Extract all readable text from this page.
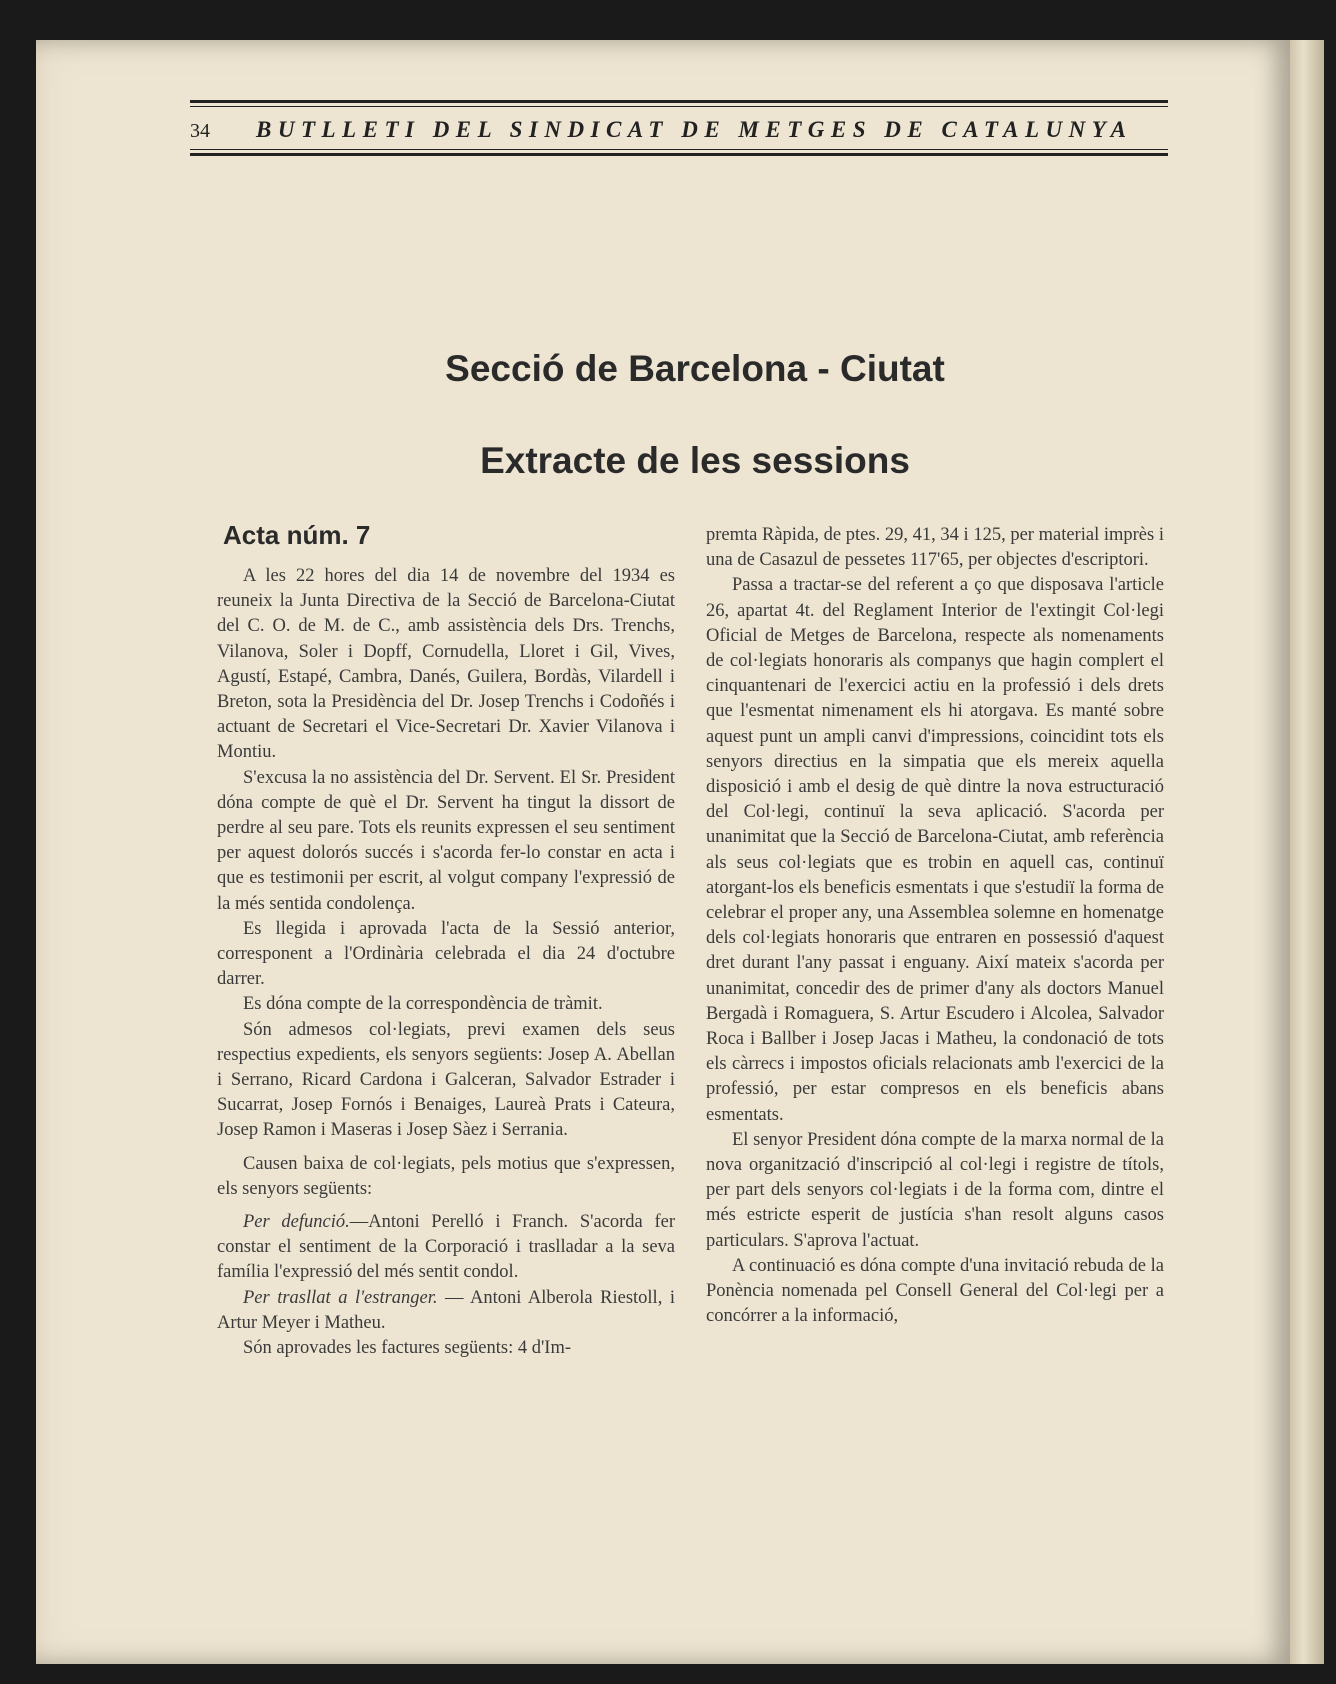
34	BUTLLETI DEL SINDICAT DE METGES DE CATALUNYA
Secció de Barcelona - Ciutat
Extracte de les sessions
Acta núm. 7

A les 22 hores del dia 14 de novembre del 1934 es reuneix la Junta Directiva de la Secció de Barcelona-Ciutat del C. O. de M. de C., amb assistència dels Drs. Trenchs, Vilanova, Soler i Dopff, Cornudella, Lloret i Gil, Vives, Agustí, Estapé, Cambra, Danés, Guilera, Bordàs, Vilardell i Breton, sota la Presidència del Dr. Josep Trenchs i Codoñés i actuant de Secretari el Vice-Secretari Dr. Xavier Vilanova i Montiu.

S'excusa la no assistència del Dr. Servent. El Sr. President dóna compte de què el Dr. Servent ha tingut la dissort de perdre al seu pare. Tots els reunits expressen el seu sentiment per aquest dolorós succés i s'acorda fer-lo constar en acta i que es testimonii per escrit, al volgut company l'expressió de la més sentida condolença.

Es llegida i aprovada l'acta de la Sessió anterior, corresponent a l'Ordinària celebrada el dia 24 d'octubre darrer.

Es dóna compte de la correspondència de tràmit.

Són admesos col·legiats, previ examen dels seus respectius expedients, els senyors següents: Josep A. Abellan i Serrano, Ricard Cardona i Galceran, Salvador Estrader i Sucarrat, Josep Fornós i Benaiges, Laureà Prats i Cateura, Josep Ramon i Maseras i Josep Sàez i Serrania.

Causen baixa de col·legiats, pels motius que s'expressen, els senyors següents:

Per defunció.—Antoni Perelló i Franch. S'acorda fer constar el sentiment de la Corporació i traslladar a la seva família l'expressió del més sentit condol.

Per trasllat a l'estranger. — Antoni Alberola Riestoll, i Artur Meyer i Matheu.

Són aprovades les factures següents: 4 d'Im-

premta Ràpida, de ptes. 29, 41, 34 i 125, per material imprès i una de Casazul de pessetes 117'65, per objectes d'escriptori.

Passa a tractar-se del referent a ço que disposava l'article 26, apartat 4t. del Reglament Interior de l'extingit Col·legi Oficial de Metges de Barcelona, respecte als nomenaments de col·legiats honoraris als companys que hagin complert el cinquantenari de l'exercici actiu en la professió i dels drets que l'esmentat nimenament els hi atorgava. Es manté sobre aquest punt un ampli canvi d'impressions, coincidint tots els senyors directius en la simpatia que els mereix aquella disposició i amb el desig de què dintre la nova estructuració del Col·legi, continuï la seva aplicació. S'acorda per unanimitat que la Secció de Barcelona-Ciutat, amb referència als seus col·legiats que es trobin en aquell cas, continuï atorgant-los els beneficis esmentats i que s'estudiï la forma de celebrar el proper any, una Assemblea solemne en homenatge dels col·legiats honoraris que entraren en possessió d'aquest dret durant l'any passat i enguany. Així mateix s'acorda per unanimitat, concedir des de primer d'any als doctors Manuel Bergadà i Romaguera, S. Artur Escudero i Alcolea, Salvador Roca i Ballber i Josep Jacas i Matheu, la condonació de tots els càrrecs i impostos oficials relacionats amb l'exercici de la professió, per estar compresos en els beneficis abans esmentats.

El senyor President dóna compte de la marxa normal de la nova organització d'inscripció al col·legi i registre de títols, per part dels senyors col·legiats i de la forma com, dintre el més estricte esperit de justícia s'han resolt alguns casos particulars. S'aprova l'actuat.

A continuació es dóna compte d'una invitació rebuda de la Ponència nomenada pel Consell General del Col·legi per a concórrer a la informació,
